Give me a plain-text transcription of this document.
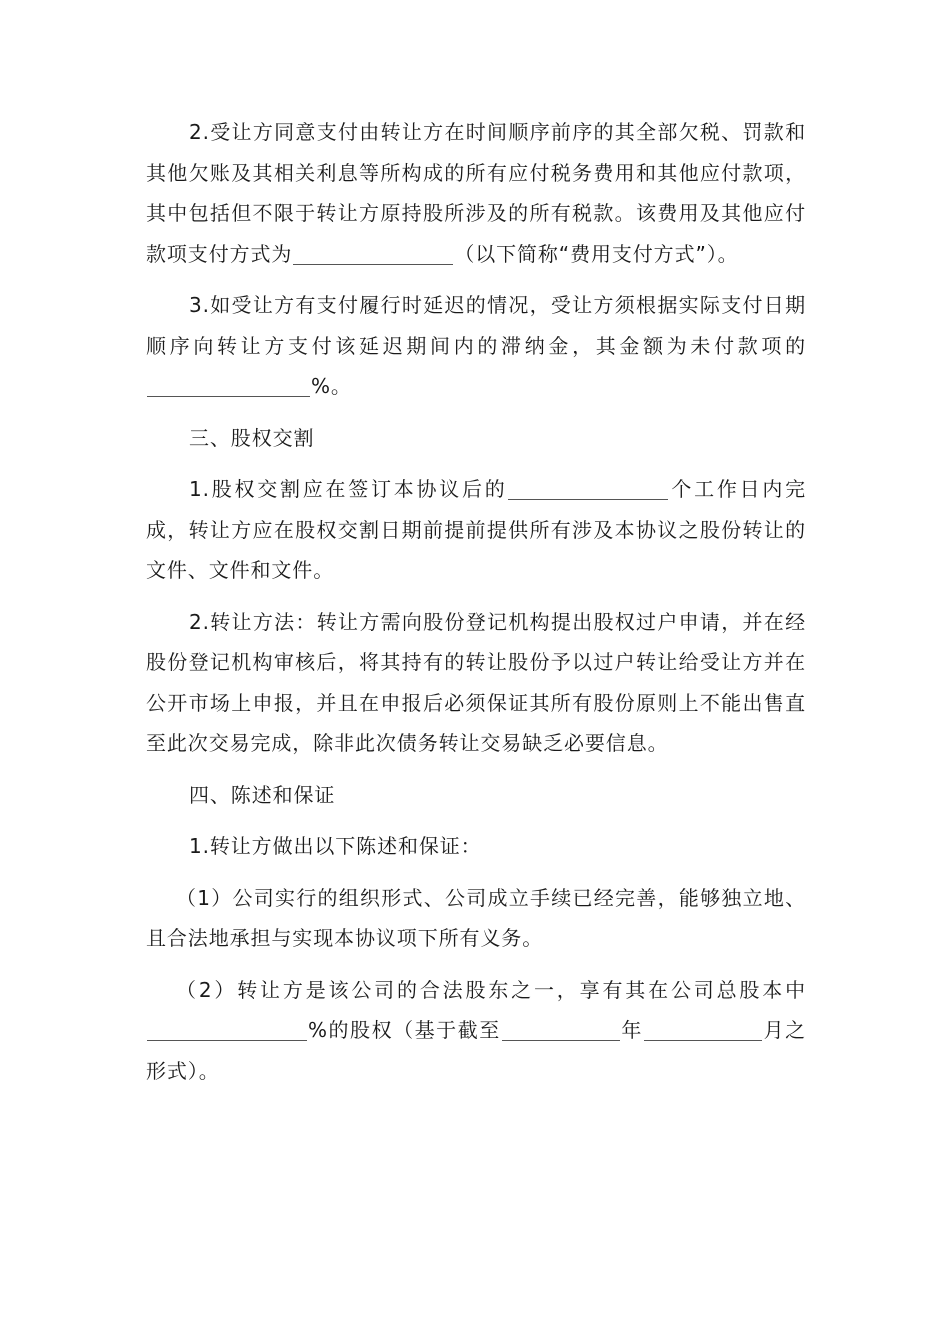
2.受让方同意支付由转让方在时间顺序前序的其全部欠税、罚款和其他欠账及其相关利息等所构成的所有应付税务费用和其他应付款项，其中包括但不限于转让方原持股所涉及的所有税款。该费用及其他应付款项支付方式为	（以下简称“费用支付方式”）。

3.如受让方有支付履行时延迟的情况，受让方须根据实际支付日期顺序向转让方支付该延迟期间内的滞纳金，其金额为未付款项的%。

三、股权交割

1.股权交割应在签订本协议后的	个工作日内完成，转让方应在股权交割日期前提前提供所有涉及本协议之股份转让的文件、文件和文件。

2.转让方法：转让方需向股份登记机构提出股权过户申请，并在经股份登记机构审核后，将其持有的转让股份予以过户转让给受让方并在公开市场上申报，并且在申报后必须保证其所有股份原则上不能出售直至此次交易完成，除非此次债务转让交易缺乏必要信息。

四、陈述和保证

1.转让方做出以下陈述和保证：

（1）公司实行的组织形式、公司成立手续已经完善，能够独立地、且合法地承担与实现本协议项下所有义务。

（2）转让方是该公司的合法股东之一，享有其在公司总股本中%的股权（基于截至	年	月之形式）。
